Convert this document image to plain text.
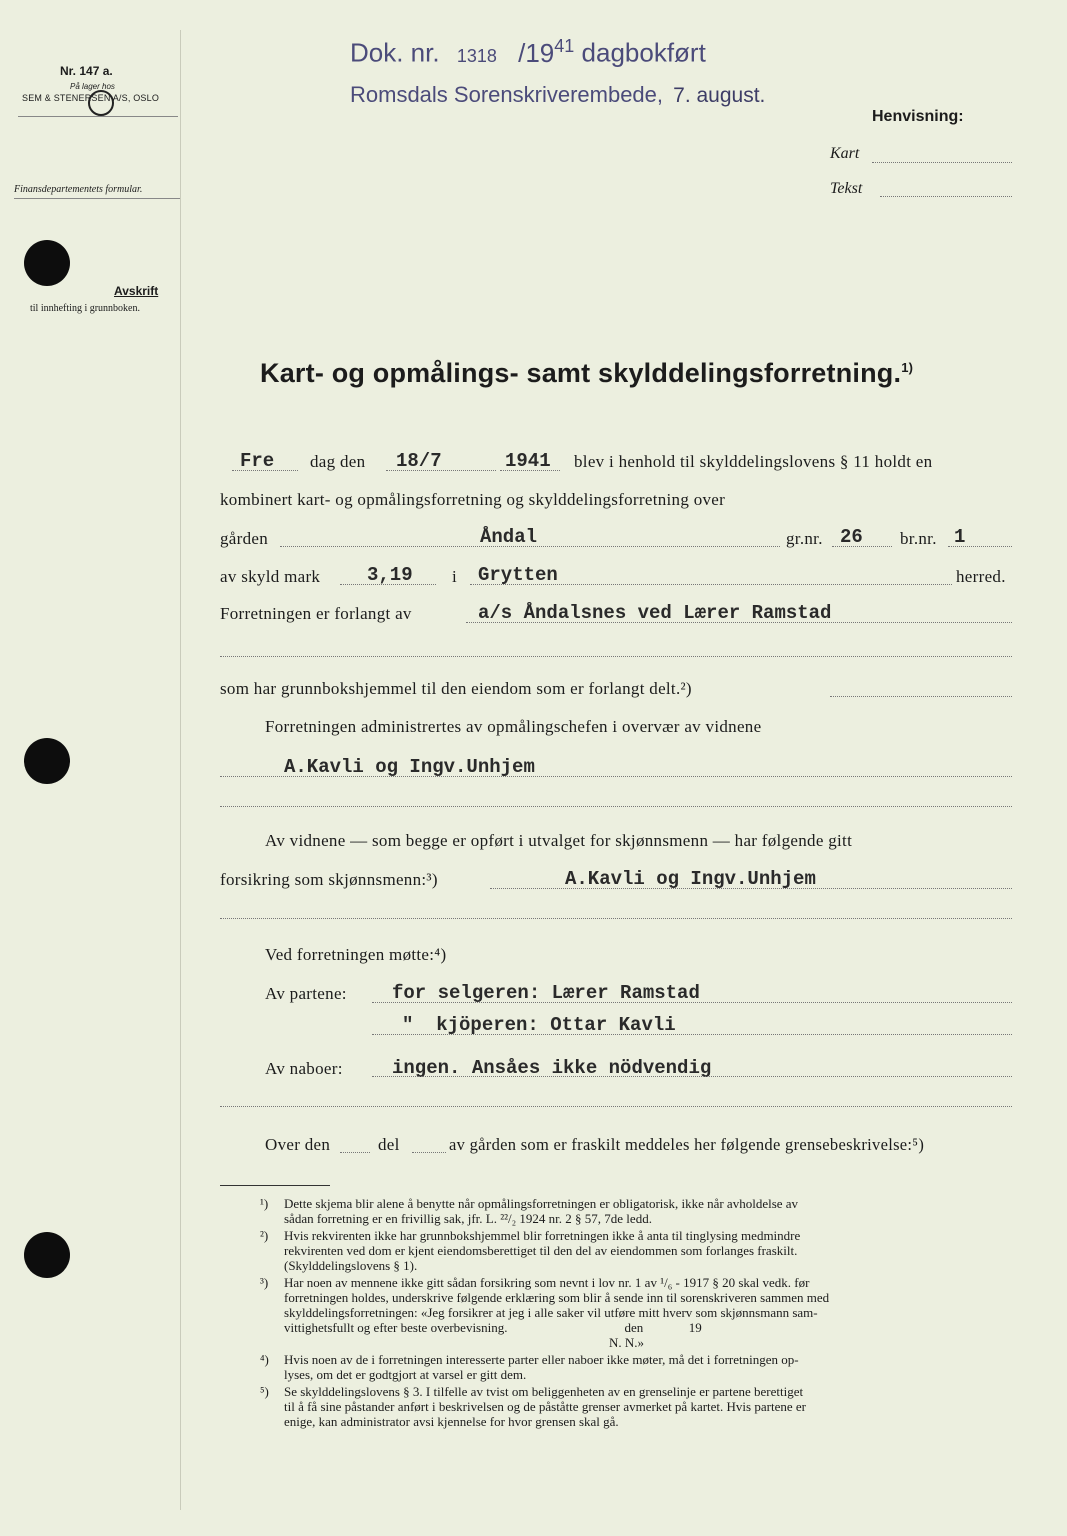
Nr. 147 a.
På lager hos
SEM & STENERSEN A/S, OSLO
Finansdepartementets formular.
Avskrift
til innhefting i grunnboken.
Dok. nr. 1318 $/19^{41}$ dagbokført
Romsdals Sorenskriverembede, 7. august.
Henvisning:
Kart
Tekst
Kart- og opmålings- samt skylddelingsforretning.$^{1)}$
Fre dag den 18/7	1941 blev i henhold til skylddelingslovens § 11 holdt en
kombinert kart- og opmålingsforretning og skylddelingsforretning over
gården	Åndal	gr.nr. 26 br.nr. 1
av skyld mark 3,19 i Grytten	herred.
Forretningen er forlangt av	a/s Åndalsnes ved Lærer Ramstad
som har grunnbokshjemmel til den eiendom som er forlangt delt.²)
Forretningen administrertes av opmålingschefen i overvær av vidnene
A.Kavli og Ingv.Unhjem
Av vidnene — som begge er opført i utvalget for skjønnsmenn — har følgende gitt
forsikring som skjønnsmenn:³)	A.Kavli og Ingv.Unhjem
Ved forretningen møtte:⁴)
Av partene: for selgeren: Lærer Ramstad
"  kjöperen: Ottar Kavli
Av naboer:	ingen. Ansåes ikke nödvendig
Over den	del	av gården som er fraskilt meddeles her følgende grensebeskrivelse:⁵)
¹) Dette skjema blir alene å benytte når opmålingsforretningen er obligatorisk, ikke når avholdelse av
sådan forretning er en frivillig sak, jfr. L. ²²/₂ 1924 nr. 2 § 57, 7de ledd.
²) Hvis rekvirenten ikke har grunnbokshjemmel blir forretningen ikke å anta til tinglysing medmindre
rekvirenten ved dom er kjent eiendomsberettiget til den del av eiendommen som forlanges fraskilt.
(Skylddelingslovens § 1).
³) Har noen av mennene ikke gitt sådan forsikring som nevnt i lov nr. 1 av ¹/₆ - 1917 § 20 skal vedk. før
forretningen holdes, underskrive følgende erklæring som blir å sende inn til sorenskriveren sammen med
skylddelingsforretningen: «Jeg forsikrer at jeg i alle saker vil utføre mitt hverv som skjønnsmann sam-
vittighetsfullt og efter beste overbevisning.                                    den              19
N. N.»
⁴) Hvis noen av de i forretningen interesserte parter eller naboer ikke møter, må det i forretningen op-
lyses, om det er godtgjort at varsel er gitt dem.
⁵) Se skylddelingslovens § 3. I tilfelle av tvist om beliggenheten av en grenselinje er partene berettiget
til å få sine påstander anført i beskrivelsen og de påståtte grenser avmerket på kartet. Hvis partene er
enige, kan administrator avsi kjennelse for hvor grensen skal gå.
